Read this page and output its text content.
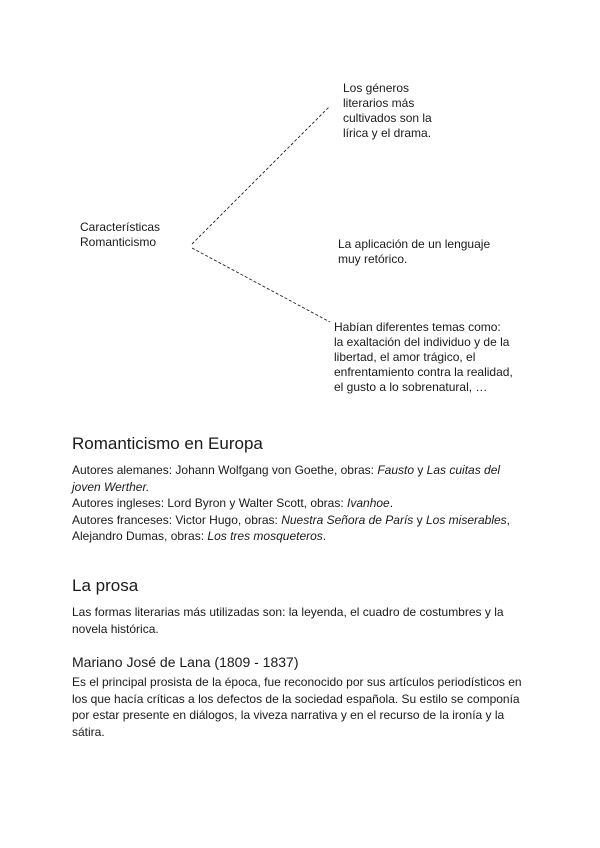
Características
Romanticismo
Los géneros
literarios más
cultivados son la
lírica y el drama.
La aplicación de un lenguaje
muy retórico.
Habían diferentes temas como:
la exaltación del individuo y de la
libertad, el amor trágico, el
enfrentamiento contra la realidad,
el gusto a lo sobrenatural, …
Romanticismo en Europa
Autores alemanes: Johann Wolfgang von Goethe, obras: Fausto y Las cuitas del joven Werther.
Autores ingleses: Lord Byron y Walter Scott, obras: Ivanhoe.
Autores franceses: Victor Hugo, obras: Nuestra Señora de París y Los miserables,
Alejandro Dumas, obras: Los tres mosqueteros.
La prosa

Las formas literarias más utilizadas son: la leyenda, el cuadro de costumbres y la novela histórica.

Mariano José de Lana (1809 - 1837)

Es el principal prosista de la época, fue reconocido por sus artículos periodísticos en los que hacía críticas a los defectos de la sociedad española. Su estilo se componía por estar presente en diálogos, la viveza narrativa y en el recurso de la ironía y la sátira.
